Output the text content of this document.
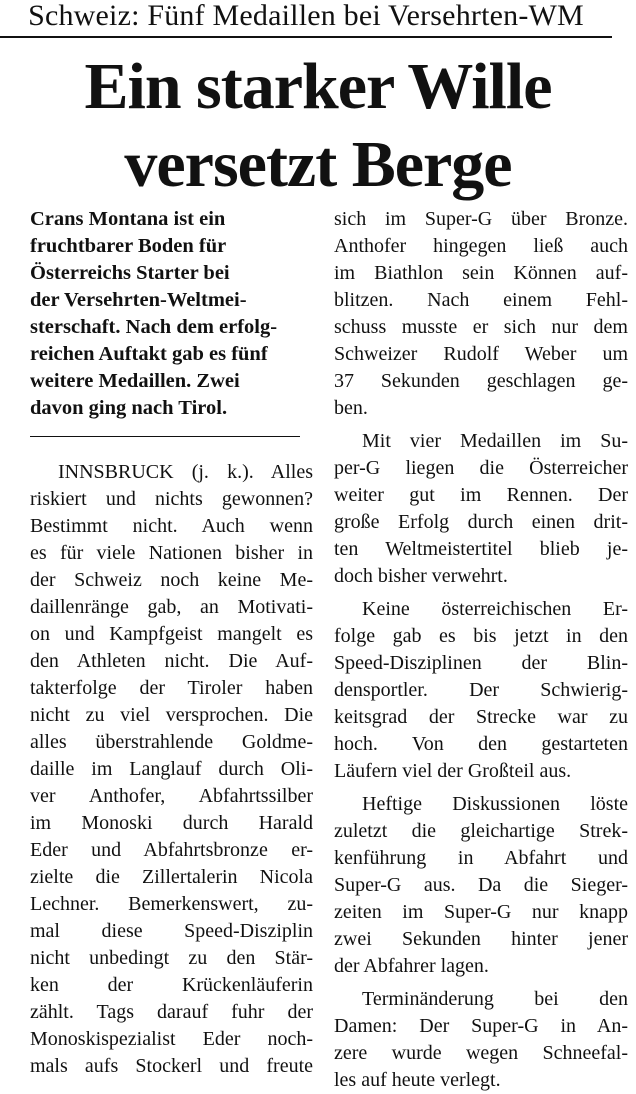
Schweiz: Fünf Medaillen bei Versehrten-WM
Ein starker Wille
versetzt Berge
Crans Montana ist ein
fruchtbarer Boden für
Österreichs Starter bei
der Versehrten-Weltmei-
sterschaft. Nach dem erfolg-
reichen Auftakt gab es fünf
weitere Medaillen. Zwei
davon ging nach Tirol.
INNSBRUCK (j. k.). Alles
riskiert und nichts gewonnen?
Bestimmt nicht. Auch wenn
es für viele Nationen bisher in
der Schweiz noch keine Me-
daillenränge gab, an Motivati-
on und Kampfgeist mangelt es
den Athleten nicht. Die Auf-
takterfolge der Tiroler haben
nicht zu viel versprochen. Die
alles überstrahlende Goldme-
daille im Langlauf durch Oli-
ver Anthofer, Abfahrtssilber
im Monoski durch Harald
Eder und Abfahrtsbronze er-
zielte die Zillertalerin Nicola
Lechner. Bemerkenswert, zu-
mal diese Speed-Disziplin
nicht unbedingt zu den Stär-
ken der Krückenläuferin
zählt. Tags darauf fuhr der
Monoskispezialist Eder noch-
mals aufs Stockerl und freute
sich im Super-G über Bronze.
Anthofer hingegen ließ auch
im Biathlon sein Können auf-
blitzen. Nach einem Fehl-
schuss musste er sich nur dem
Schweizer Rudolf Weber um
37 Sekunden geschlagen ge-
ben.
Mit vier Medaillen im Su-
per-G liegen die Österreicher
weiter gut im Rennen. Der
große Erfolg durch einen drit-
ten Weltmeistertitel blieb je-
doch bisher verwehrt.
Keine österreichischen Er-
folge gab es bis jetzt in den
Speed-Disziplinen der Blin-
densportler. Der Schwierig-
keitsgrad der Strecke war zu
hoch. Von den gestarteten
Läufern viel der Großteil aus.
Heftige Diskussionen löste
zuletzt die gleichartige Strek-
kenführung in Abfahrt und
Super-G aus. Da die Sieger-
zeiten im Super-G nur knapp
zwei Sekunden hinter jener
der Abfahrer lagen.
Terminänderung bei den
Damen: Der Super-G in An-
zere wurde wegen Schneefal-
les auf heute verlegt.
